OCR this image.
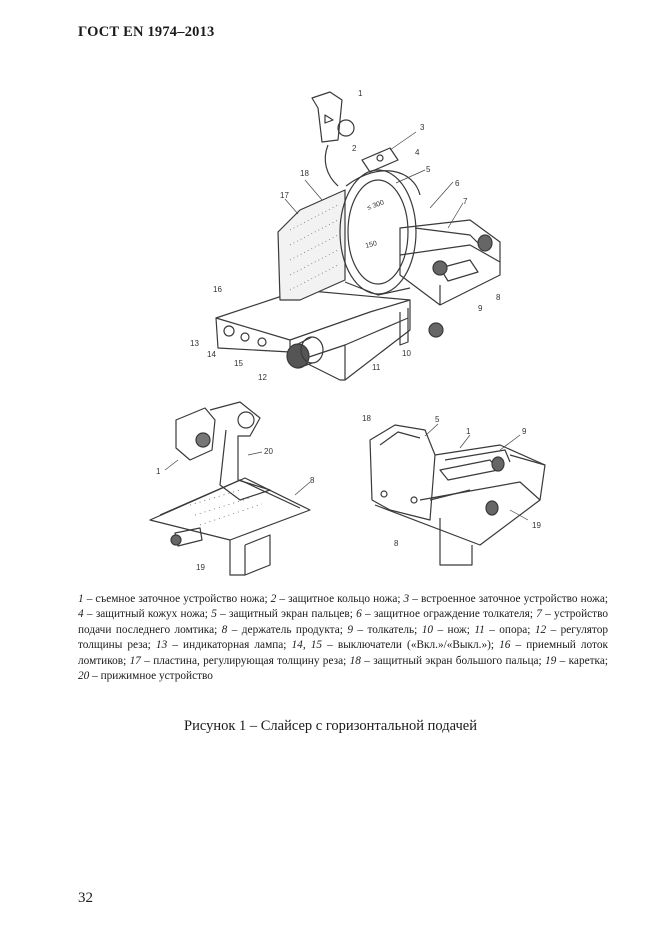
ГОСТ EN 1974–2013
1
2
3
4
5
6
7
8
9
10
11
12
13
14
15
16
17
18
≤ 300
150
1
20
8
19
18	5
1	9
19
8
1 – съемное заточное устройство ножа; 2 – защитное кольцо ножа; 3 – встроенное заточное устройство ножа; 4 – защитный кожух ножа; 5 – защитный экран пальцев; 6 – защитное ограждение толкателя; 7 – устройство подачи последнего ломтика; 8 – держатель продукта; 9 – толкатель; 10 – нож; 11 – опора; 12 – регулятор толщины реза; 13 – индикаторная лампа; 14, 15 – выключатели («Вкл.»/«Выкл.»); 16 – приемный лоток ломтиков; 17 – пластина, регулирующая толщину реза; 18 – защитный экран большого пальца; 19 – каретка; 20 – прижимное устройство
Рисунок 1 – Слайсер с горизонтальной подачей
32
